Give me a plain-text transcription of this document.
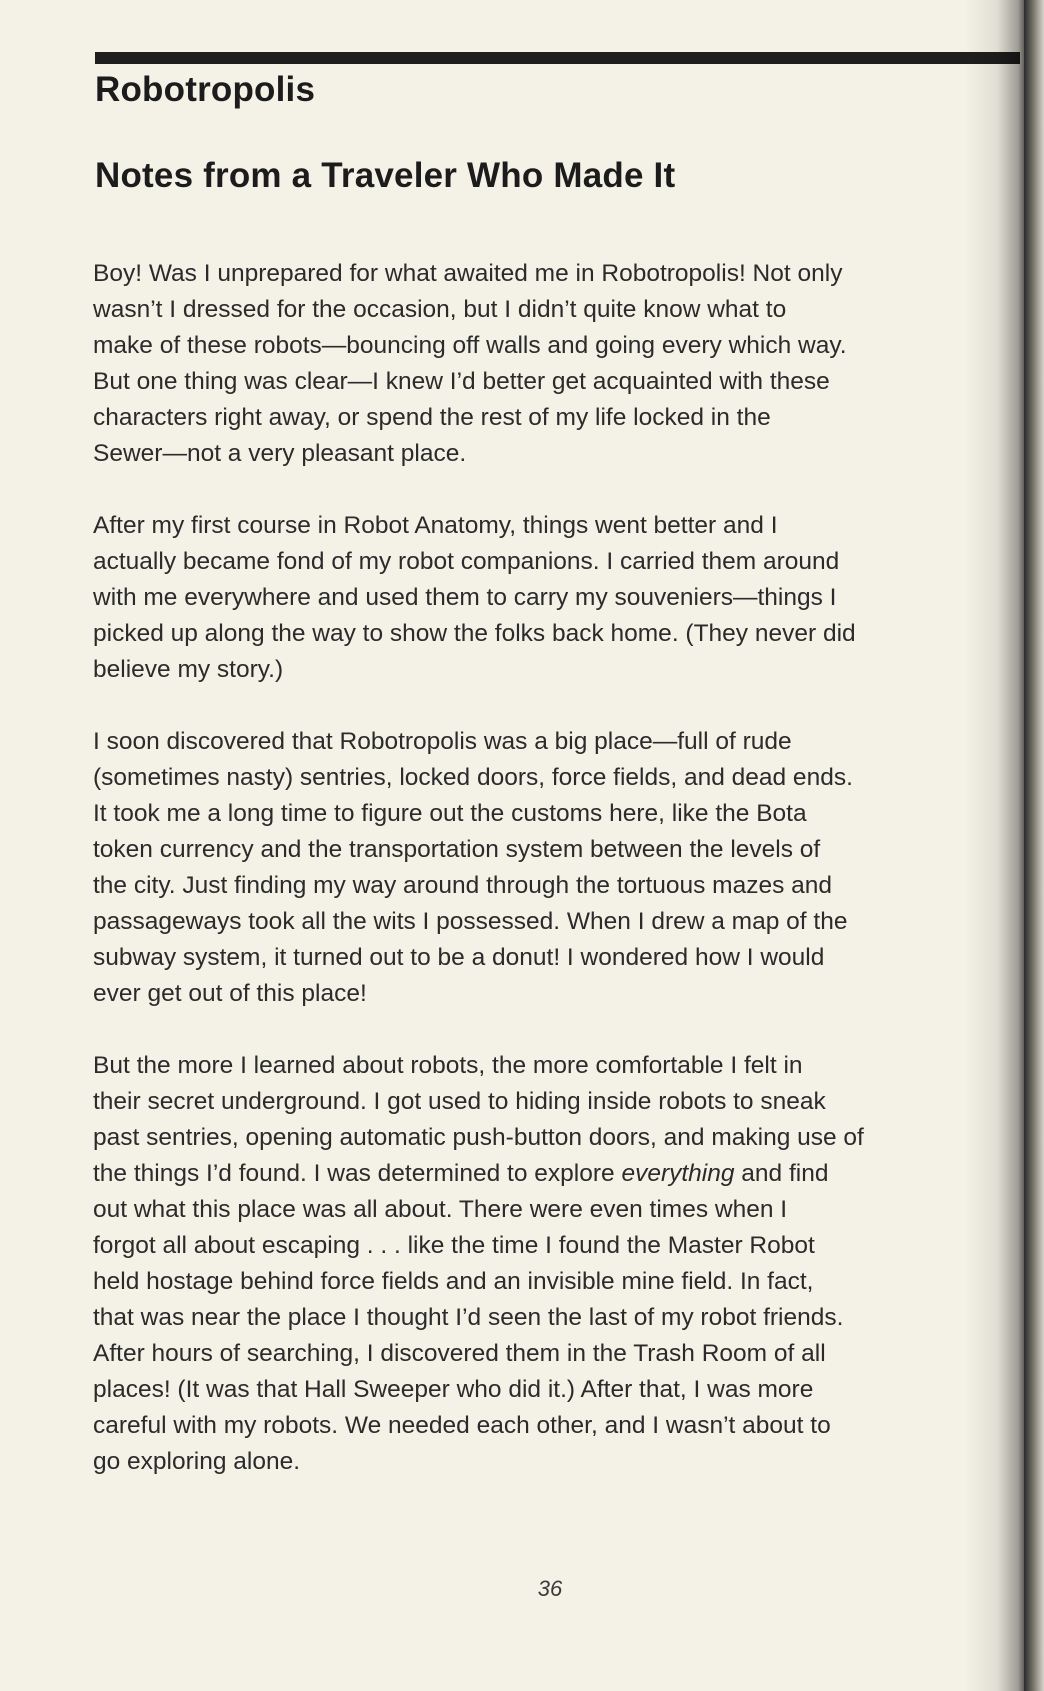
Robotropolis
Notes from a Traveler Who Made It

Boy! Was I unprepared for what awaited me in Robotropolis! Not only
wasn’t I dressed for the occasion, but I didn’t quite know what to
make of these robots—bouncing off walls and going every which way.
But one thing was clear—I knew I’d better get acquainted with these
characters right away, or spend the rest of my life locked in the
Sewer—not a very pleasant place.

After my first course in Robot Anatomy, things went better and I
actually became fond of my robot companions. I carried them around
with me everywhere and used them to carry my souveniers—things I
picked up along the way to show the folks back home. (They never did
believe my story.)

I soon discovered that Robotropolis was a big place—full of rude
(sometimes nasty) sentries, locked doors, force fields, and dead ends.
It took me a long time to figure out the customs here, like the Bota
token currency and the transportation system between the levels of
the city. Just finding my way around through the tortuous mazes and
passageways took all the wits I possessed. When I drew a map of the
subway system, it turned out to be a donut! I wondered how I would
ever get out of this place!

But the more I learned about robots, the more comfortable I felt in
their secret underground. I got used to hiding inside robots to sneak
past sentries, opening automatic push-button doors, and making use of
the things I’d found. I was determined to explore everything and find
out what this place was all about. There were even times when I
forgot all about escaping . . . like the time I found the Master Robot
held hostage behind force fields and an invisible mine field. In fact,
that was near the place I thought I’d seen the last of my robot friends.
After hours of searching, I discovered them in the Trash Room of all
places! (It was that Hall Sweeper who did it.) After that, I was more
careful with my robots. We needed each other, and I wasn’t about to
go exploring alone.

36
